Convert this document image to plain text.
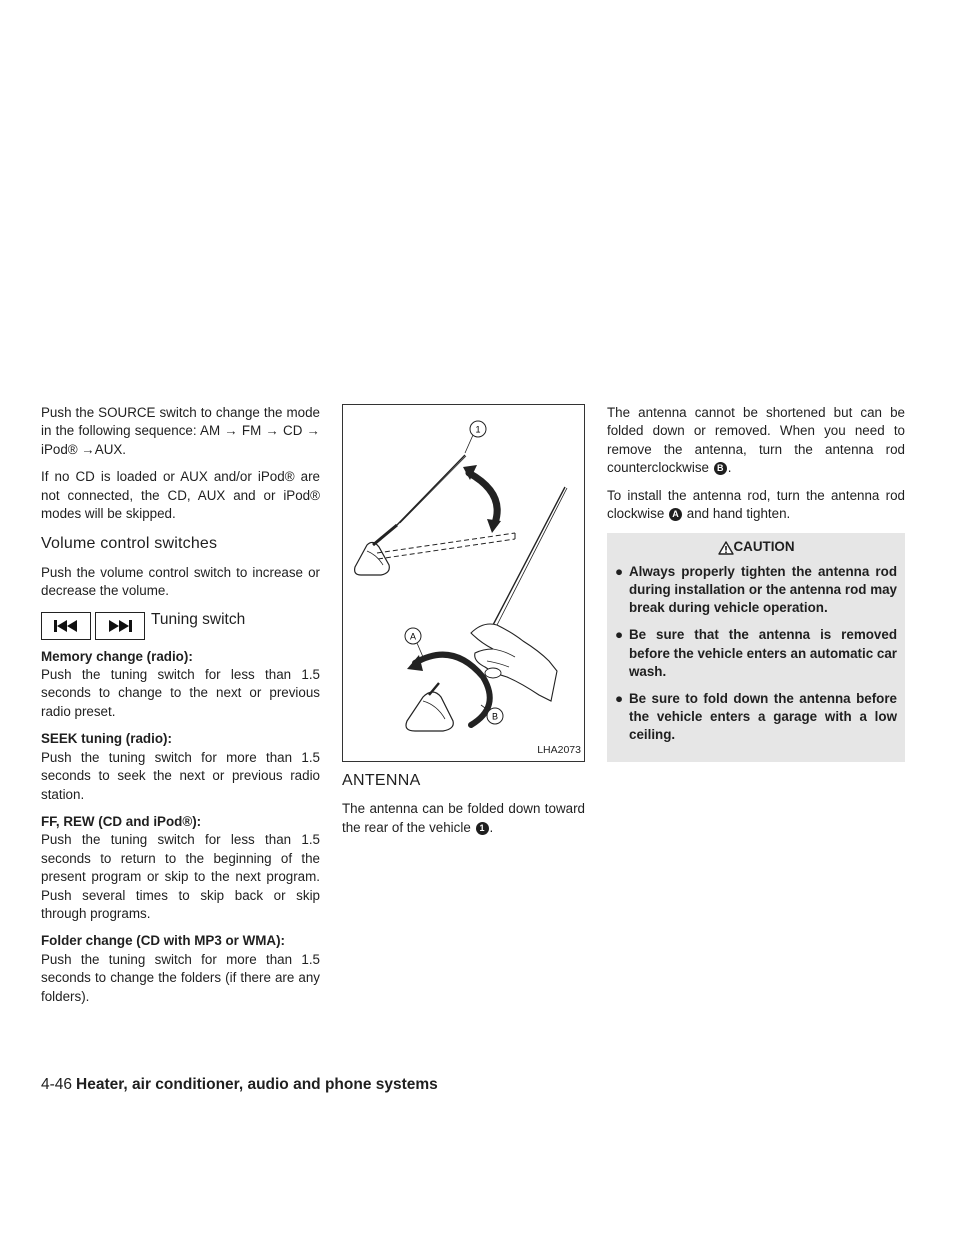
Push the SOURCE switch to change the mode in the following sequence: AM → FM → CD → iPod® →AUX.

If no CD is loaded or AUX and/or iPod® are not connected, the CD, AUX and or iPod® modes will be skipped.

Volume control switches

Push the volume control switch to increase or decrease the volume.

Tuning switch

Memory change (radio):
Push the tuning switch for less than 1.5 seconds to change to the next or previous radio preset.

SEEK tuning (radio):
Push the tuning switch for more than 1.5 seconds to seek the next or previous radio station.

FF, REW (CD and iPod®):
Push the tuning switch for less than 1.5 seconds to return to the beginning of the present program or skip to the next program. Push several times to skip back or skip through programs.

Folder change (CD with MP3 or WMA):
Push the tuning switch for more than 1.5 seconds to change the folders (if there are any folders).

1
A
B
LHA2073
ANTENNA

The antenna can be folded down toward the rear of the vehicle 1 .

The antenna cannot be shortened but can be folded down or removed. When you need to remove the antenna, turn the antenna rod counterclockwise B .

To install the antenna rod, turn the antenna rod clockwise A and hand tighten.

CAUTION
● Always properly tighten the antenna rod during installation or the antenna rod may break during vehicle operation.
● Be sure that the antenna is removed before the vehicle enters an automatic car wash.
● Be sure to fold down the antenna before the vehicle enters a garage with a low ceiling.
4-46 Heater, air conditioner, audio and phone systems
